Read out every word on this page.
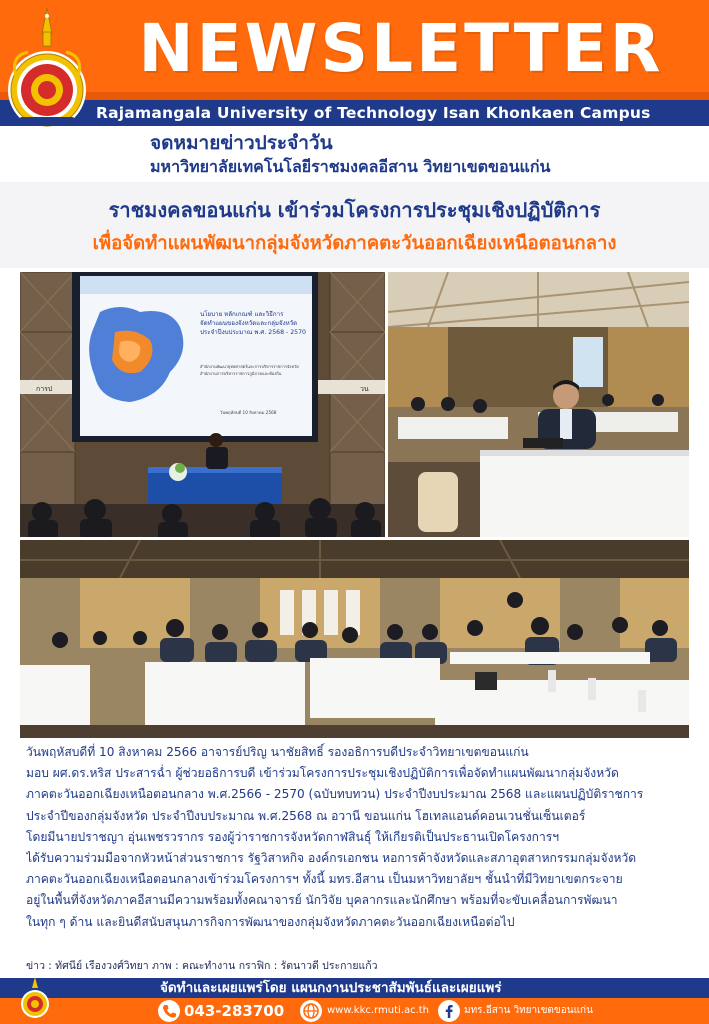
NEWSLETTER
Rajamangala University of Technology Isan Khonkaen Campus
จดหมายข่าวประจำวัน
มหาวิทยาลัยเทคโนโลยีราชมงคลอีสาน วิทยาเขตขอนแก่น
ราชมงคลขอนแก่น เข้าร่วมโครงการประชุมเชิงปฏิบัติการ
เพื่อจัดทำแผนพัฒนากลุ่มจังหวัดภาคตะวันออกเฉียงเหนือตอนกลาง
นโยบาย หลักเกณฑ์ และวิธีการ
จัดทำแผนของจังหวัดและกลุ่มจังหวัด
ประจำปีงบประมาณ พ.ศ. 2568 - 2570
สำนักงานพัฒนายุทธศาสตร์และการบริหารราชการจังหวัด
สำนักงานการบริหารราชการภูมิภาคและท้องถิ่น
วันพฤหัสบดี 10 สิงหาคม 2568
การป	วน
วันพฤหัสบดีที่ 10 สิงหาคม 2566 อาจารย์ปริญ นาชัยสิทธิ์ รองอธิการบดีประจำวิทยาเขตขอนแก่น
มอบ ผศ.ดร.หริส ประสารฉ่ำ ผู้ช่วยอธิการบดี เข้าร่วมโครงการประชุมเชิงปฏิบัติการเพื่อจัดทำแผนพัฒนากลุ่มจังหวัด
ภาคตะวันออกเฉียงเหนือตอนกลาง พ.ศ.2566 - 2570 (ฉบับทบทวน) ประจำปีงบประมาณ 2568 และแผนปฏิบัติราชการ
ประจำปีของกลุ่มจังหวัด ประจำปีงบประมาณ พ.ศ.2568 ณ อวานี ขอนแก่น โฮเทลแอนด์คอนเวนชั่นเซ็นเตอร์
โดยมีนายปราชญา อุ่นเพชรวรากร รองผู้ว่าราชการจังหวัดกาฬสินธุ์ ให้เกียรติเป็นประธานเปิดโครงการฯ
ได้รับความร่วมมือจากหัวหน้าส่วนราชการ รัฐวิสาหกิจ องค์กรเอกชน หอการค้าจังหวัดและสภาอุตสาหกรรมกลุ่มจังหวัด
ภาคตะวันออกเฉียงเหนือตอนกลางเข้าร่วมโครงการฯ ทั้งนี้ มทร.อีสาน เป็นมหาวิทยาลัยฯ ชั้นนำที่มีวิทยาเขตกระจาย
อยู่ในพื้นที่จังหวัดภาคอีสานมีความพร้อมทั้งคณาจารย์ นักวิจัย บุคลากรและนักศึกษา พร้อมที่จะขับเคลื่อนการพัฒนา
ในทุก ๆ ด้าน และยินดีสนับสนุนภารกิจการพัฒนาของกลุ่มจังหวัดภาคตะวันออกเฉียงเหนือต่อไป
ข่าว : ทัศนีย์ เรืองวงศ์วิทยา ภาพ : คณะทำงาน กราฟิก : รัตนาวดี ประกายแก้ว
จัดทำและเผยแพร่โดย แผนกงานประชาสัมพันธ์และเผยแพร่
043-283700	www.kkc.rmuti.ac.th	มทร.อีสาน วิทยาเขตขอนแก่น
